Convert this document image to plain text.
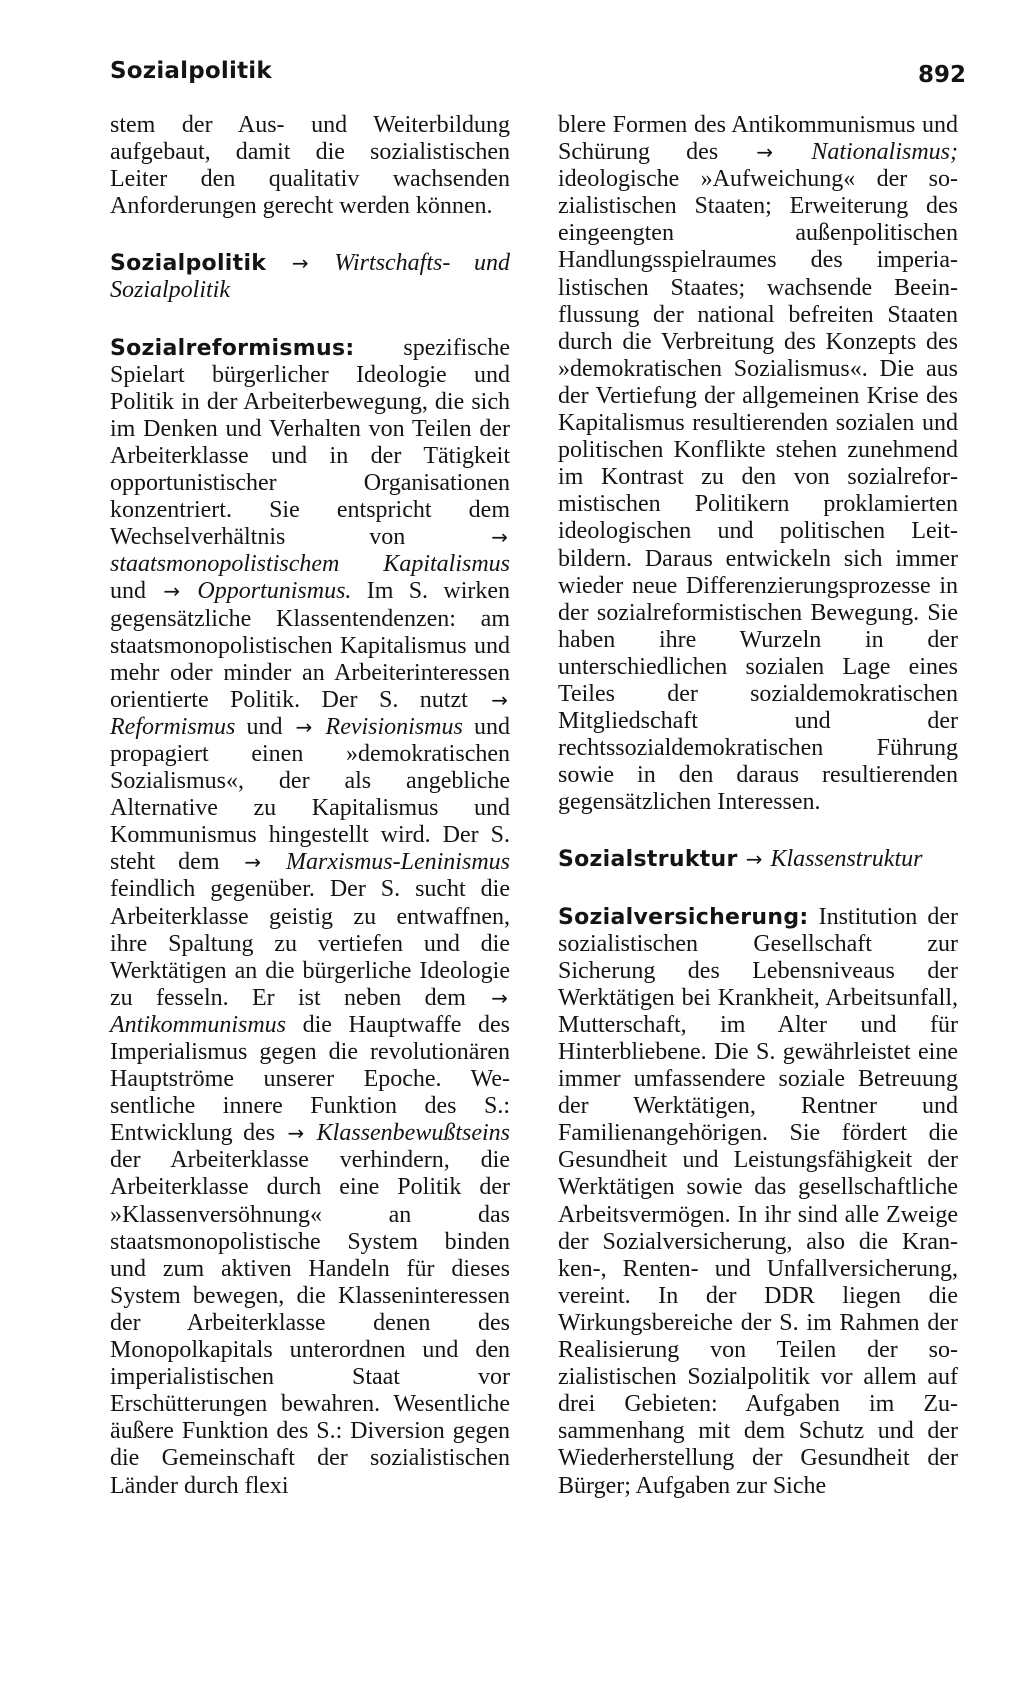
Sozialpolitik	892

stem der Aus- und Weiterbildung aufgebaut, damit die sozialistischen Leiter den qualitativ wachsenden Anforderungen gerecht werden können.

Sozialpolitik → Wirtschafts- und Sozialpolitik

Sozialreformismus: spezifische Spielart bürgerlicher Ideologie und Politik in der Arbeiterbewegung, die sich im Denken und Verhalten von Teilen der Arbeiterklasse und in der Tätigkeit opportunistischer Organisationen konzentriert. Sie entspricht dem Wechselverhältnis von → staatsmonopolistischem Kapitalismus und → Opportunismus. Im S. wirken gegensätzliche Klassentendenzen: am staatsmonopolistischen Kapitalismus und mehr oder minder an Arbeiterinteressen orientierte Politik. Der S. nutzt → Reformismus und → Revisionismus und propagiert einen »demokratischen Sozialismus«, der als angebliche Alternative zu Kapitalismus und Kommunismus hingestellt wird. Der S. steht dem → Marxismus-Leninismus feindlich gegenüber. Der S. sucht die Arbeiterklasse geistig zu entwaffnen, ihre Spaltung zu vertiefen und die Werktätigen an die bürgerliche Ideologie zu fesseln. Er ist neben dem → Antikommunismus die Hauptwaffe des Imperialismus gegen die revolutionären Hauptströme unserer Epoche. Wesentliche innere Funktion des S.: Entwicklung des → Klassenbewußtseins der Arbeiterklasse verhindern, die Arbeiterklasse durch eine Politik der »Klassenversöhnung« an das staatsmonopolistische System binden und zum aktiven Handeln für dieses System bewegen, die Klasseninteressen der Arbeiterklasse denen des Monopolkapitals unterordnen und den imperialistischen Staat vor Erschütterungen bewahren. Wesentliche äußere Funktion des S.: Diversion gegen die Gemeinschaft der sozialistischen Länder durch flexi

blere Formen des Antikommunismus und Schürung des → Nationalismus; ideologische »Aufweichung« der sozialistischen Staaten; Erweiterung des eingeengten außenpolitischen Handlungsspielraumes des imperialistischen Staates; wachsende Beeinflussung der national befreiten Staaten durch die Verbreitung des Konzepts des »demokratischen Sozialismus«. Die aus der Vertiefung der allgemeinen Krise des Kapitalismus resultierenden sozialen und politischen Konflikte stehen zunehmend im Kontrast zu den von sozialreformistischen Politikern proklamierten ideologischen und politischen Leitbildern. Daraus entwickeln sich immer wieder neue Differenzierungsprozesse in der sozialreformistischen Bewegung. Sie haben ihre Wurzeln in der unterschiedlichen sozialen Lage eines Teiles der sozialdemokratischen Mitgliedschaft und der rechtssozialdemokratischen Führung sowie in den daraus resultierenden gegensätzlichen Interessen.

Sozialstruktur → Klassenstruktur

Sozialversicherung: Institution der sozialistischen Gesellschaft zur Sicherung des Lebensniveaus der Werktätigen bei Krankheit, Arbeitsunfall, Mutterschaft, im Alter und für Hinterbliebene. Die S. gewährleistet eine immer umfassendere soziale Betreuung der Werktätigen, Rentner und Familienangehörigen. Sie fördert die Gesundheit und Leistungsfähigkeit der Werktätigen sowie das gesellschaftliche Arbeitsvermögen. In ihr sind alle Zweige der Sozialversicherung, also die Kranken-, Renten- und Unfallversicherung, vereint. In der DDR liegen die Wirkungsbereiche der S. im Rahmen der Realisierung von Teilen der sozialistischen Sozialpolitik vor allem auf drei Gebieten: Aufgaben im Zusammenhang mit dem Schutz und der Wiederherstellung der Gesundheit der Bürger; Aufgaben zur Siche
